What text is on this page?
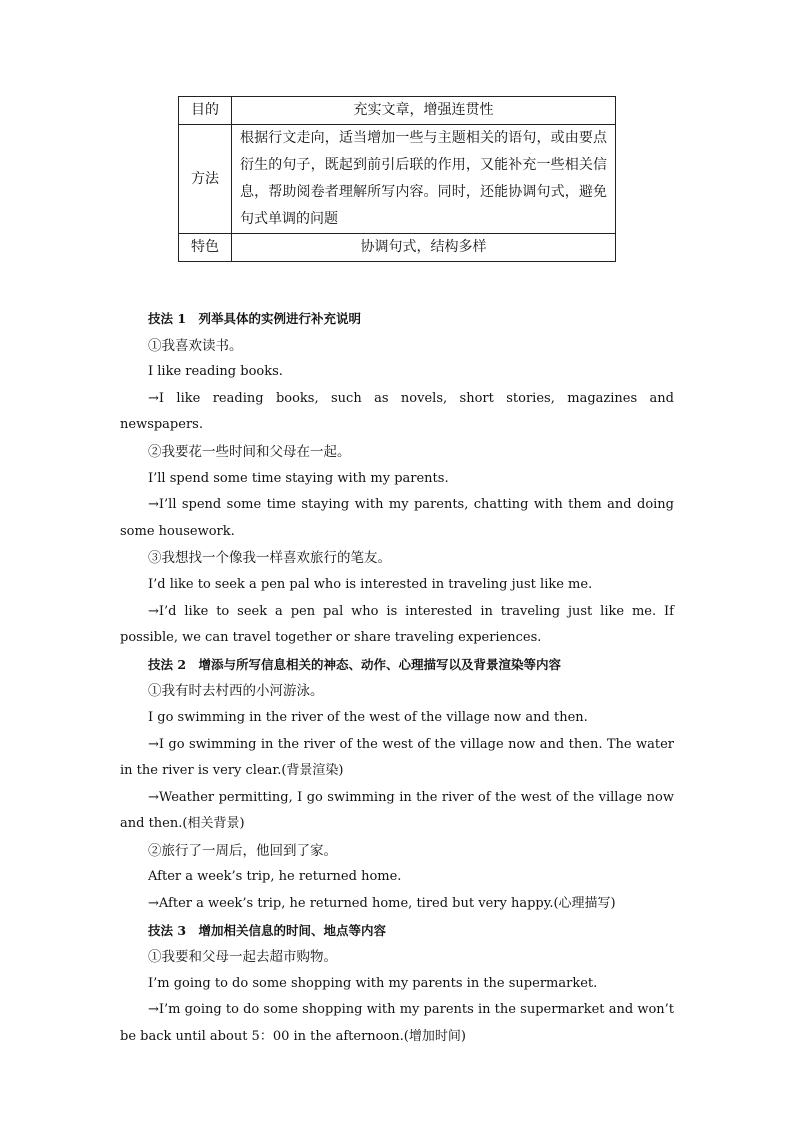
目的	充实文章，增强连贯性
方法	根据行文走向，适当增加一些与主题相关的语句，或由要点衍生的句子，既起到前引后联的作用，又能补充一些相关信息，帮助阅卷者理解所写内容。同时，还能协调句式，避免句式单调的问题
特色	协调句式，结构多样

技法 1　列举具体的实例进行补充说明

①我喜欢读书。

I like reading books.

→I like reading books, such as novels, short stories, magazines and newspapers.

②我要花一些时间和父母在一起。

I’ll spend some time staying with my parents.

→I’ll spend some time staying with my parents, chatting with them and doing some housework.

③我想找一个像我一样喜欢旅行的笔友。

I’d like to seek a pen pal who is interested in traveling just like me.

→I’d like to seek a pen pal who is interested in traveling just like me. If possible, we can travel together or share traveling experiences.

技法 2　增添与所写信息相关的神态、动作、心理描写以及背景渲染等内容

①我有时去村西的小河游泳。

I go swimming in the river of the west of the village now and then.

→I go swimming in the river of the west of the village now and then. The water in the river is very clear.(背景渲染)

→Weather permitting, I go swimming in the river of the west of the village now and then.(相关背景)

②旅行了一周后，他回到了家。

After a week’s trip, he returned home.

→After a week’s trip, he returned home, tired but very happy.(心理描写)

技法 3　增加相关信息的时间、地点等内容

①我要和父母一起去超市购物。

I’m going to do some shopping with my parents in the supermarket.

→I’m going to do some shopping with my parents in the supermarket and won’t be back until about 5：00 in the afternoon.(增加时间)
